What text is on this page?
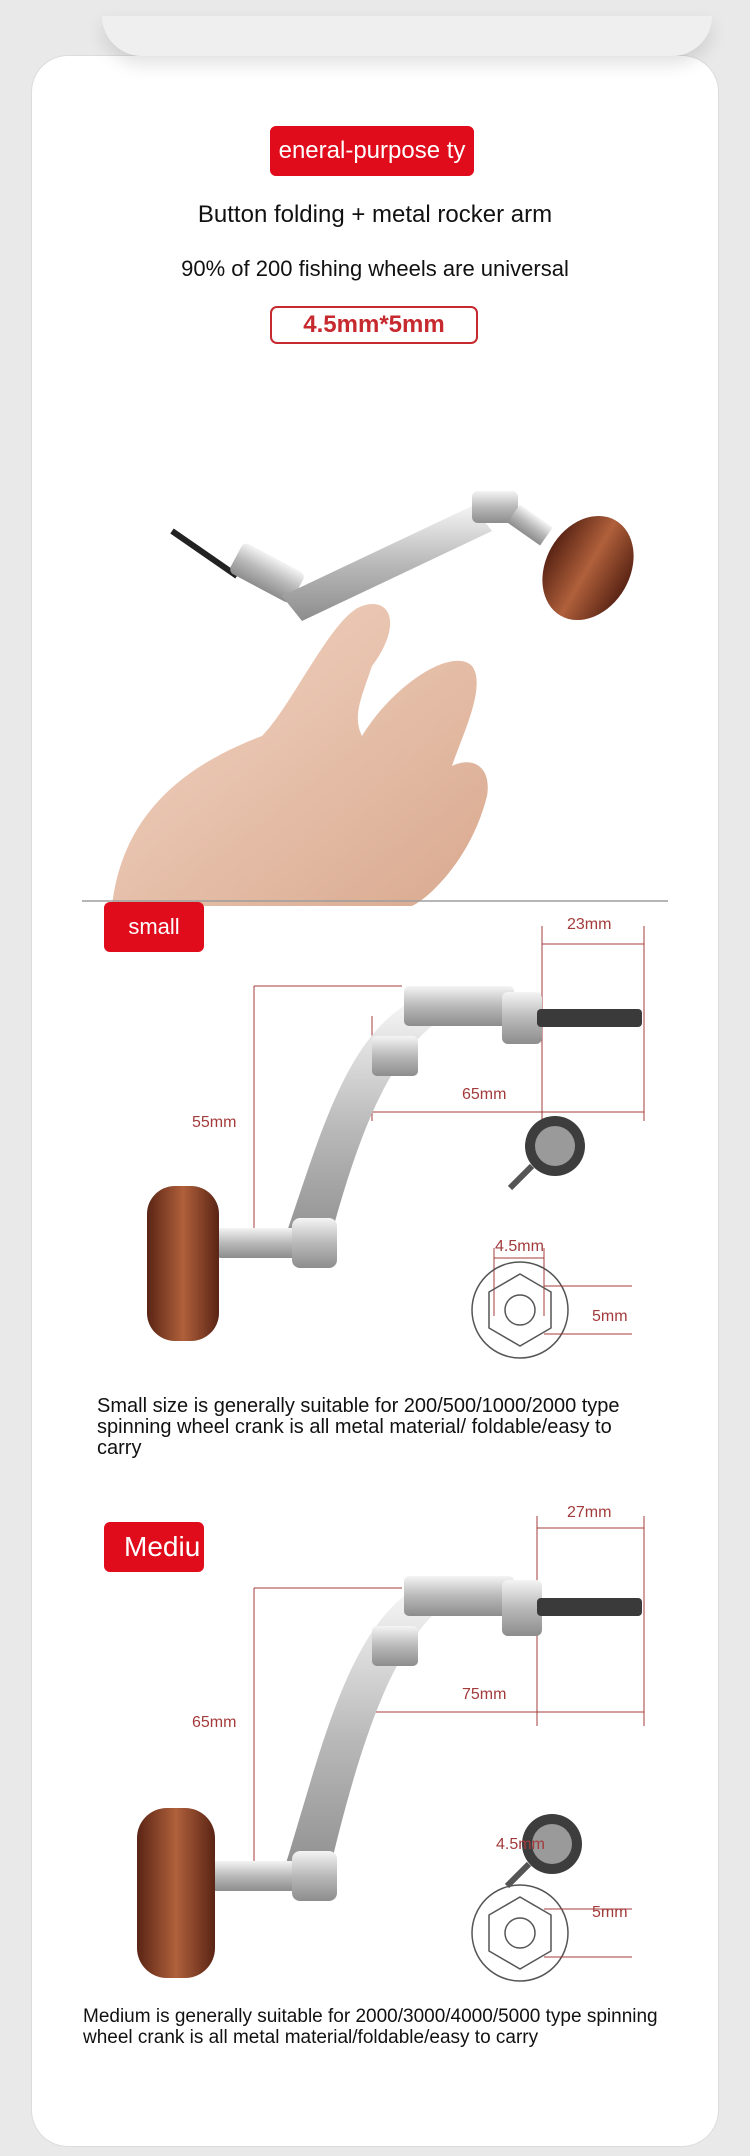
eneral-purpose ty
Button folding + metal rocker arm
90% of 200 fishing wheels are universal
4.5mm*5mm
small	23mm
65mm
55mm
4.5mm
5mm
Small size is generally suitable for 200/500/1000/2000 type spinning wheel crank is all metal material/ foldable/easy to carry
Mediu
27mm
75mm
65mm
4.5mm
5mm
Medium is generally suitable for 2000/3000/4000/5000 type spinning wheel crank is all metal material/foldable/easy to carry
